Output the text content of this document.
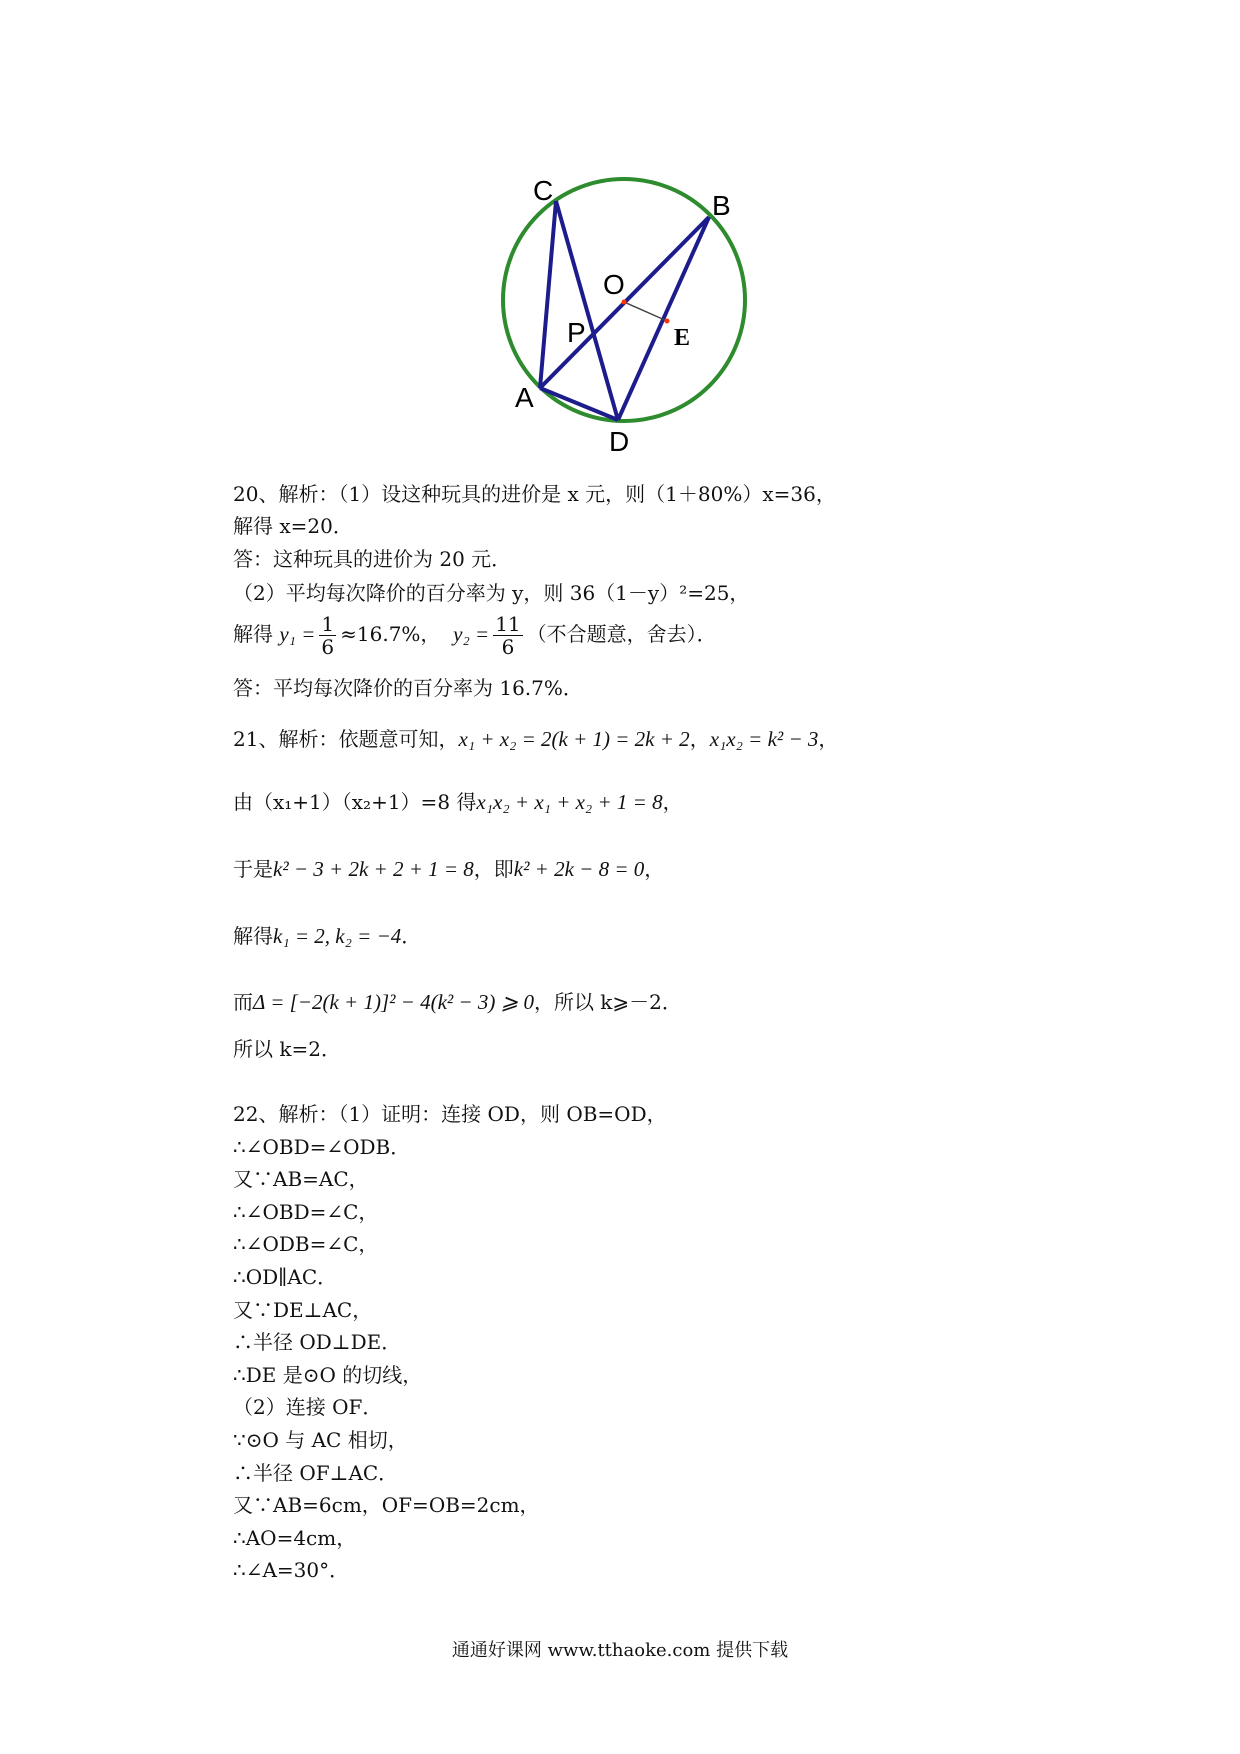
C	B
O
P	E
A
D
20、解析：（1）设这种玩具的进价是 x 元，则（1＋80%）x=36，
解得 x=20．
答：这种玩具的进价为 20 元．
（2）平均每次降价的百分率为 y，则 36（1－y）²=25，
解得 $y_1 = \frac{1}{6} \approx 16.7\%$， $y_2 = \frac{11}{6}$ （不合题意，舍去）．
答：平均每次降价的百分率为 16.7%．
21、解析：依题意可知，x₁ + x₂ = 2(k + 1) = 2k + 2，x₁x₂ = k² − 3，
由（x₁+1）（x₂+1）=8 得x₁x₂ + x₁ + x₂ + 1 = 8，
于是k² − 3 + 2k + 2 + 1 = 8，即k² + 2k − 8 = 0，
解得k₁ = 2, k₂ = −4．
而Δ = [−2(k + 1)]² − 4(k² − 3) ⩾ 0，所以 k⩾－2．
所以 k=2．
22、解析：（1）证明：连接 OD，则 OB=OD，
∴∠OBD=∠ODB．
又∵AB=AC，
∴∠OBD=∠C，
∴∠ODB=∠C，
∴OD∥AC．
又∵DE⊥AC，
∴半径 OD⊥DE．
∴DE 是⊙O 的切线，
（2）连接 OF．
∵⊙O 与 AC 相切，
∴半径 OF⊥AC．
又∵AB=6cm，OF=OB=2cm，
∴AO=4cm，
∴∠A=30°．
通通好课网 www.tthaoke.com 提供下载
